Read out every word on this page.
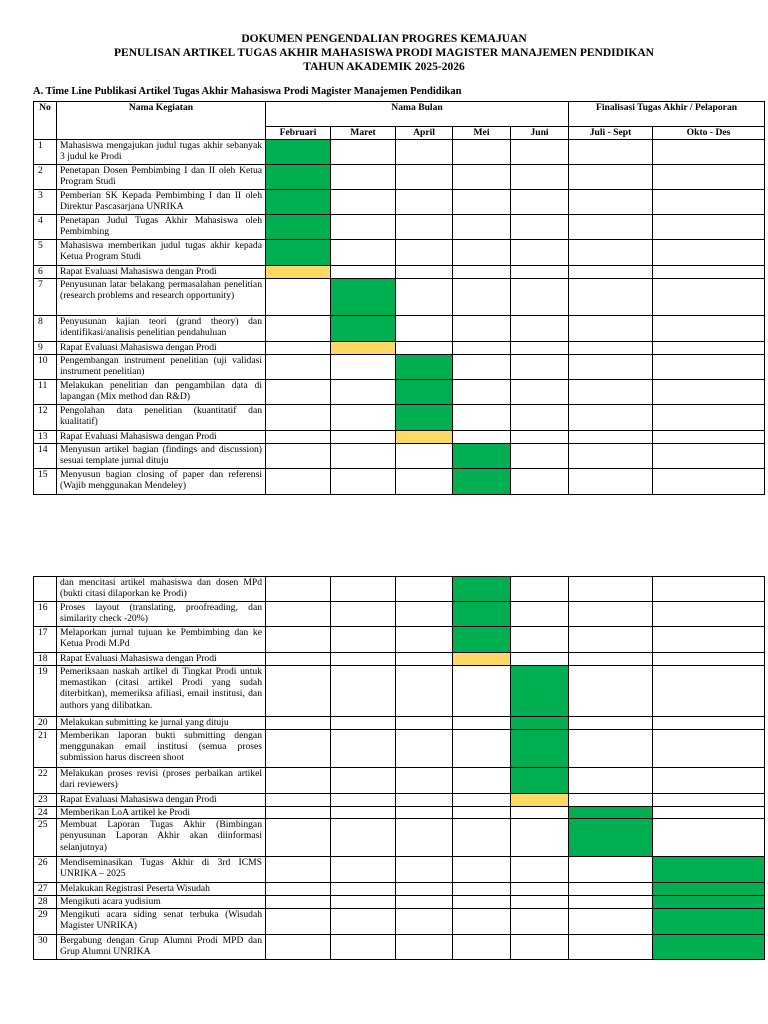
DOKUMEN PENGENDALIAN PROGRES KEMAJUAN
PENULISAN ARTIKEL TUGAS AKHIR MAHASISWA PRODI MAGISTER MANAJEMEN PENDIDIKAN
TAHUN AKADEMIK 2025-2026
A. Time Line Publikasi Artikel Tugas Akhir Mahasiswa Prodi Magister Manajemen Pendidikan
No	Nama Kegiatan	Nama Bulan					Finalisasi Tugas Akhir / Pelaporan	
		Februari	Maret	April	Mei	Juni	Juli - Sept	Okto - Des
1	Mahasiswa mengajukan judul tugas akhir sebanyak 3 judul ke Prodi							
2	Penetapan Dosen Pembimbing I dan II oleh Ketua Program Studi							
3	Pemberian SK Kepada Pembimbing I dan II oleh Direktur Pascasarjana UNRIKA							
4	Penetapan Judul Tugas Akhir Mahasiswa oleh Pembimbing							
5	Mahasiswa memberikan judul tugas akhir kepada Ketua Program Studi							
6	Rapat Evaluasi Mahasiswa dengan Prodi							
7	Penyusunan latar belakang permasalahan penelitian (research problems and research opportunity)							
8	Penyusunan kajian teori (grand theory) dan identifikasi/analisis penelitian pendahuluan							
9	Rapat Evaluasi Mahasiswa dengan Prodi							
10	Pengembangan instrument penelitian (uji validasi instrument penelitian)							
11	Melakukan penelitian dan pengambilan data di lapangan (Mix method dan R&D)							
12	Pengolahan data penelitian (kuantitatif dan kualitatif)							
13	Rapat Evaluasi Mahasiswa dengan Prodi							
14	Menyusun artikel bagian (findings and discussion) sesuai template jurnal dituju							
15	Menyusun bagian closing of paper dan referensi (Wajib menggunakan Mendeley)							
	dan mencitasi artikel mahasiswa dan dosen MPd (bukti citasi dilaporkan ke Prodi)							
16	Proses layout (translating, proofreading, dan similarity check -20%)							
17	Melaporkan jurnal tujuan ke Pembimbing dan ke Ketua Prodi M.Pd							
18	Rapat Evaluasi Mahasiswa dengan Prodi							
19	Pemeriksaan naskah artikel di Tingkat Prodi untuk memastikan (citasi artikel Prodi yang sudah diterbitkan), memeriksa afiliasi, email institusi, dan authors yang dilibatkan.							
20	Melakukan submitting ke jurnal yang dituju							
21	Memberikan laporan bukti submitting dengan menggunakan email institusi (semua proses submission harus discreen shoot							
22	Melakukan proses revisi (proses perbaikan artikel dari reviewers)							
23	Rapat Evaluasi Mahasiswa dengan Prodi							
24	Memberikan LoA artikel ke Prodi							
25	Membuat Laporan Tugas Akhir (Bimbingan penyusunan Laporan Akhir akan diinformasi selanjutnya)							
26	Mendiseminasikan Tugas Akhir di 3rd ICMS UNRIKA – 2025							
27	Melakukan Registrasi Peserta Wisudah							
28	Mengikuti acara yudisium							
29	Mengikuti acara siding senat terbuka (Wisudah Magister UNRIKA)							
30	Bergabung dengan Grup Alumni Prodi MPD dan Grup Alumni UNRIKA							
